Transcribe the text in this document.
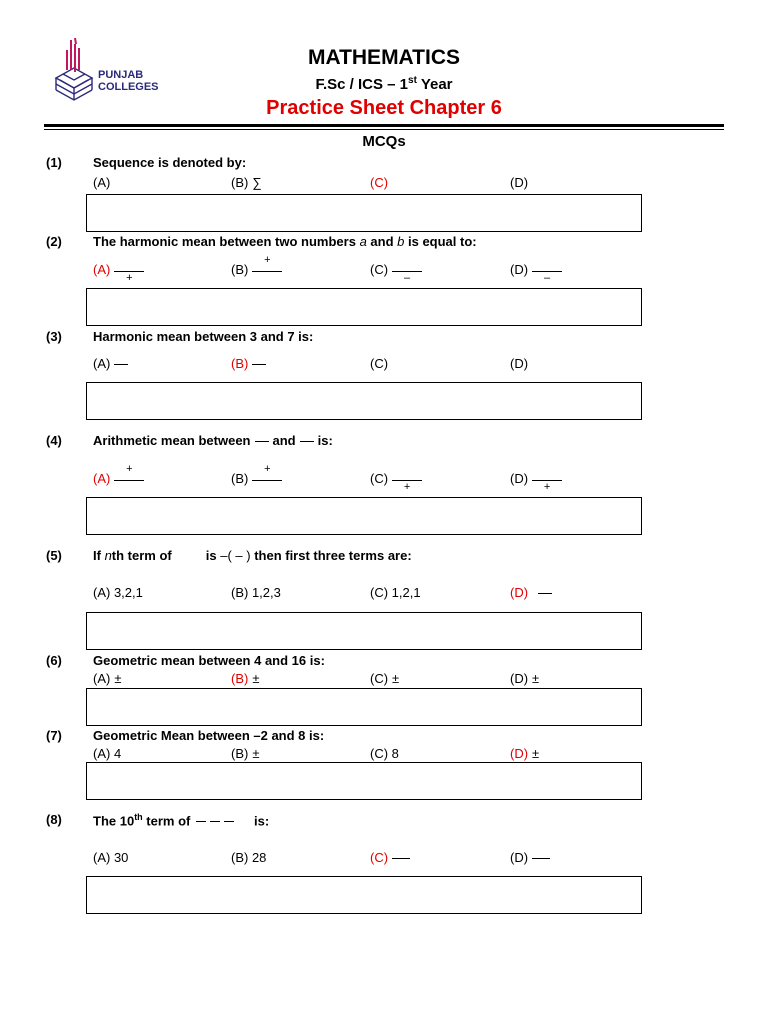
PUNJAB
COLLEGES
MATHEMATICS
F.Sc / ICS – 1st Year
Practice Sheet Chapter 6
MCQs
(1) Sequence is denoted by:
(A)	(B) ∑	(C)	(D)
(2) The harmonic mean between two numbers a and b is equal to:
(A)
+
(B)
+
(C)
–
(D)
–
(3) Harmonic mean between 3 and 7 is:
(A)	(B)	(C)	(D)
(4) Arithmetic mean between and is:
(A)
+
(B)
+
(C)
+
(D)
+
(5) If nth term of	is –( – ) then first three terms are:
(A) 3,2,1	(B) 1,2,3	(C) 1,2,1	(D)
(6) Geometric mean between 4 and 16 is:
(A) ±	(B) ±	(C) ±	(D) ±
(7) Geometric Mean between –2 and 8 is:
(A) 4	(B) ±	(C) 8	(D) ±
(8) The 10th term of	is:
(A) 30	(B) 28	(C)	(D)
